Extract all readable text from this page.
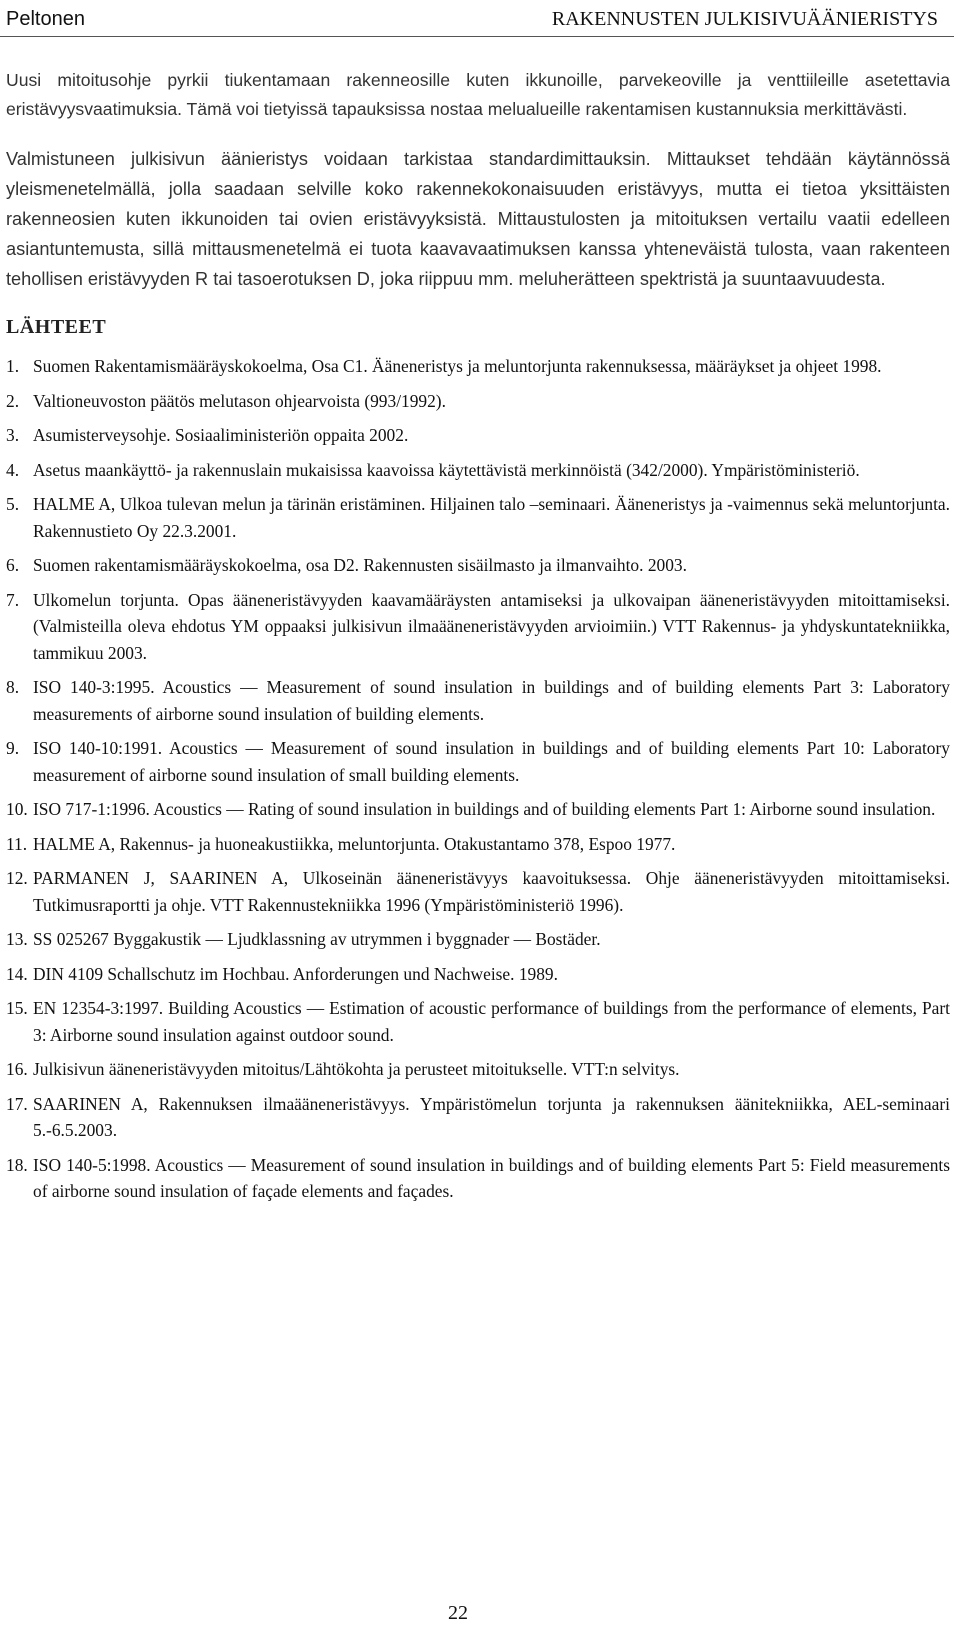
Peltonen	RAKENNUSTEN JULKISIVUÄÄNIERISTYS

Uusi mitoitusohje pyrkii tiukentamaan rakenneosille kuten ikkunoille, parvekeoville ja venttiileille asetettavia eristävyysvaatimuksia. Tämä voi tietyissä tapauksissa nostaa melualueille rakentamisen kustannuksia merkittävästi.

Valmistuneen julkisivun äänieristys voidaan tarkistaa standardimittauksin. Mittaukset tehdään käytännössä yleismenetelmällä, jolla saadaan selville koko rakennekokonaisuuden eristävyys, mutta ei tietoa yksittäisten rakenneosien kuten ikkunoiden tai ovien eristävyyksistä. Mittaustulosten ja mitoituksen vertailu vaatii edelleen asiantuntemusta, sillä mittausmenetelmä ei tuota kaavavaatimuksen kanssa yhteneväistä tulosta, vaan rakenteen tehollisen eristävyyden R tai tasoerotuksen D, joka riippuu mm. meluherätteen spektristä ja suuntaavuudesta.

LÄHTEET
1. Suomen Rakentamismääräyskokoelma, Osa C1. Ääneneristys ja meluntorjunta rakennuksessa, määräykset ja ohjeet 1998.
2. Valtioneuvoston päätös melutason ohjearvoista (993/1992).
3. Asumisterveysohje. Sosiaaliministeriön oppaita 2002.
4. Asetus maankäyttö- ja rakennuslain mukaisissa kaavoissa käytettävistä merkinnöistä (342/2000). Ympäristöministeriö.
5. HALME A, Ulkoa tulevan melun ja tärinän eristäminen. Hiljainen talo –seminaari. Ääneneristys ja -vaimennus sekä meluntorjunta. Rakennustieto Oy 22.3.2001.
6. Suomen rakentamismääräyskokoelma, osa D2. Rakennusten sisäilmasto ja ilmanvaihto. 2003.
7. Ulkomelun torjunta. Opas ääneneristävyyden kaavamääräysten antamiseksi ja ulkovaipan ääneneristävyyden mitoittamiseksi. (Valmisteilla oleva ehdotus YM oppaaksi julkisivun ilmaääneneristävyyden arvioimiin.) VTT Rakennus- ja yhdyskuntatekniikka, tammikuu 2003.
8. ISO 140-3:1995. Acoustics — Measurement of sound insulation in buildings and of building elements Part 3: Laboratory measurements of airborne sound insulation of building elements.
9. ISO 140-10:1991. Acoustics — Measurement of sound insulation in buildings and of building elements Part 10: Laboratory measurement of airborne sound insulation of small building elements.
10. ISO 717-1:1996. Acoustics — Rating of sound insulation in buildings and of building elements Part 1: Airborne sound insulation.
11. HALME A, Rakennus- ja huoneakustiikka, meluntorjunta. Otakustantamo 378, Espoo 1977.
12. PARMANEN J, SAARINEN A, Ulkoseinän ääneneristävyys kaavoituksessa. Ohje ääneneristävyyden mitoittamiseksi. Tutkimusraportti ja ohje. VTT Rakennustekniikka 1996 (Ympäristöministeriö 1996).
13. SS 025267 Byggakustik — Ljudklassning av utrymmen i byggnader — Bostäder.
14. DIN 4109 Schallschutz im Hochbau. Anforderungen und Nachweise. 1989.
15. EN 12354-3:1997. Building Acoustics — Estimation of acoustic performance of buildings from the performance of elements, Part 3: Airborne sound insulation against outdoor sound.
16. Julkisivun ääneneristävyyden mitoitus/Lähtökohta ja perusteet mitoitukselle. VTT:n selvitys.
17. SAARINEN A, Rakennuksen ilmaääneneristävyys. Ympäristömelun torjunta ja rakennuksen äänitekniikka, AEL-seminaari 5.-6.5.2003.
18. ISO 140-5:1998. Acoustics — Measurement of sound insulation in buildings and of building elements Part 5: Field measurements of airborne sound insulation of façade elements and façades.
22
